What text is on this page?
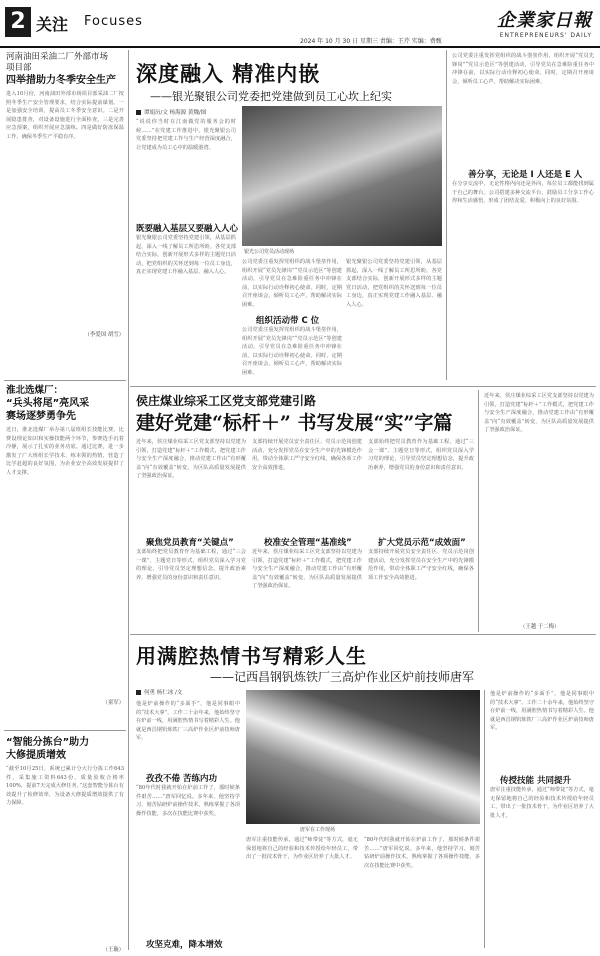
2 关注 Focuses
2024 年 10 月 30 日 星期三 责编：王芹 实编：费甄
企業家日報
ENTREPRENEURS' DAILY
河南油田采油二厂外部市场
项目部
四举措助力冬季安全生产
进入10月份，河南油田外部市场项目部采油二厂按照冬季生产安全管理要求，结合实际提前谋划。一是加强安全培训，提高员工冬季安全意识。二是开展隐患排查，对设备设施进行全面检查。三是完善应急预案，组织开展应急演练。四是做好防冻保温工作，确保冬季生产平稳有序。
（李爱国 胡雪）
淮北选煤厂：
“兵头将尾”亮风采
赛场逐梦勇争先
近日，淮北选煤厂举办第八届班组长技能比赛。比赛设理论知识和实操技能两个环节，参赛选手沉着冷静，展示了扎实的业务功底。通过比赛，进一步激发了广大班组长学技术、练本领的热情，营造了比学赶超的良好氛围，为企业安全高效发展提供了人才支撑。
（童军）
“智能分拣台”助力
大修提质增效
“截至10月25日，系统已累计分大行分拣工作643件，采集施工资料643份，质量验收合格率100%，提前7天完成大修任务。”这套智能分拣台有效提升了检修效率，为设备大修提质增效提供了有力保障。
（王璇）
深度融入 精准内嵌
——银光聚银公司党委把党建做到员工心坎上纪实
谭娟历/文 杨海源 黄魏/图
“说说你当时在江南做党的服务会的时候……”在党建工作推进中，银光聚银公司党委坚持把党建工作与生产经营深度融合，让党建成为员工心中的温暖港湾。
既要融入基层又要融入人心
银光聚银公司党委坚持党建引领，从基层抓起，深入一线了解员工所思所盼。各党支部结合实际，创新开展形式多样的主题党日活动，把党组织的关怀送到每一位员工身边，真正实现党建工作融入基层、融入人心。
银光公司党员活动现场
公司党委注重发挥党组织的战斗堡垒作用，组织开展“党员先锋岗”“党员示范区”等创建活动，引导党员在急难险重任务中冲锋在前，以实际行动诠释初心使命。同时，定期召开座谈会，倾听员工心声，帮助解决实际困难。
组织活动带 C 位
公司党委注重发挥党组织的战斗堡垒作用，组织开展“党员先锋岗”“党员示范区”等创建活动，引导党员在急难险重任务中冲锋在前，以实际行动诠释初心使命。同时，定期召开座谈会，倾听员工心声，帮助解决实际困难。
银光聚银公司党委坚持党建引领，从基层抓起，深入一线了解员工所思所盼。各党支部结合实际，创新开展形式多样的主题党日活动，把党组织的关怀送到每一位员工身边，真正实现党建工作融入基层、融入人心。
公司党委注重发挥党组织的战斗堡垒作用，组织开展“党员先锋岗”“党员示范区”等创建活动，引导党员在急难险重任务中冲锋在前，以实际行动诠释初心使命。同时，定期召开座谈会，倾听员工心声，帮助解决实际困难。
善分享，无论是 I 人还是 E 人
在分享交流中，无论性格内向还是外向，每位员工都能找到属于自己的舞台。公司搭建多种交流平台，鼓励员工分享工作心得和生活感悟，形成了团结友爱、积极向上的良好氛围。
侯庄煤业综采工区党支部党建引路
建好党建“标杆＋” 书写发展“实”字篇
近年来，侯庄煤业综采工区党支部坚持以党建为引领，打造党建“标杆＋”工作模式，把党建工作与安全生产深度融合，推动党建工作由“有形覆盖”向“有效覆盖”转变，为区队高质量发展提供了坚强政治保证。
聚焦党员教育“关键点”
支部始终把党员教育作为基础工程，通过“三会一课”、主题党日等形式，组织党员深入学习党的理论，引导党员坚定理想信念，提升政治素养，增强党员的身份意识和责任意识。
支部持续开展党员安全责任区、党员示范岗创建活动，充分发挥党员在安全生产中的先锋模范作用，带动全体职工严守安全红线，确保各项工作安全高效推进。
校准安全管理“基准线”
近年来，侯庄煤业综采工区党支部坚持以党建为引领，打造党建“标杆＋”工作模式，把党建工作与安全生产深度融合，推动党建工作由“有形覆盖”向“有效覆盖”转变，为区队高质量发展提供了坚强政治保证。
支部始终把党员教育作为基础工程，通过“三会一课”、主题党日等形式，组织党员深入学习党的理论，引导党员坚定理想信念，提升政治素养，增强党员的身份意识和责任意识。
扩大党员示范“成效面”
支部持续开展党员安全责任区、党员示范岗创建活动，充分发挥党员在安全生产中的先锋模范作用，带动全体职工严守安全红线，确保各项工作安全高效推进。
近年来，侯庄煤业综采工区党支部坚持以党建为引领，打造党建“标杆＋”工作模式，把党建工作与安全生产深度融合，推动党建工作由“有形覆盖”向“有效覆盖”转变，为区队高质量发展提供了坚强政治保证。
（王越 于二梅）
用满腔热情书写精彩人生
——记西昌钢钒炼铁厂三高炉作业区炉前技师唐军
何勇 杨仁冰 /文
他是炉前操作的“多面手”，他是同事眼中的“技术大拿”。工作二十余年来，他始终坚守在炉前一线，用满腔热情书写着精彩人生。他就是西昌钢钒炼铁厂三高炉作业区炉前技师唐军。
孜孜不倦 苦练内功
“80年代时我就开始在炉前工作了，那时候条件艰苦……”唐军回忆说。多年来，他坚持学习，刻苦钻研炉前操作技术，熟练掌握了各项操作技能，多次在技能比赛中获奖。
攻坚克难，降本增效
唐军在工作现场
唐军注重技能传承，通过“师带徒”等方式，毫无保留地将自己的经验和技术传授给年轻员工，带出了一批技术骨干，为作业区培养了大批人才。
“80年代时我就开始在炉前工作了，那时候条件艰苦……”唐军回忆说。多年来，他坚持学习，刻苦钻研炉前操作技术，熟练掌握了各项操作技能，多次在技能比赛中获奖。
他是炉前操作的“多面手”，他是同事眼中的“技术大拿”。工作二十余年来，他始终坚守在炉前一线，用满腔热情书写着精彩人生。他就是西昌钢钒炼铁厂三高炉作业区炉前技师唐军。
传授技能 共同提升
唐军注重技能传承，通过“师带徒”等方式，毫无保留地将自己的经验和技术传授给年轻员工，带出了一批技术骨干，为作业区培养了大批人才。
